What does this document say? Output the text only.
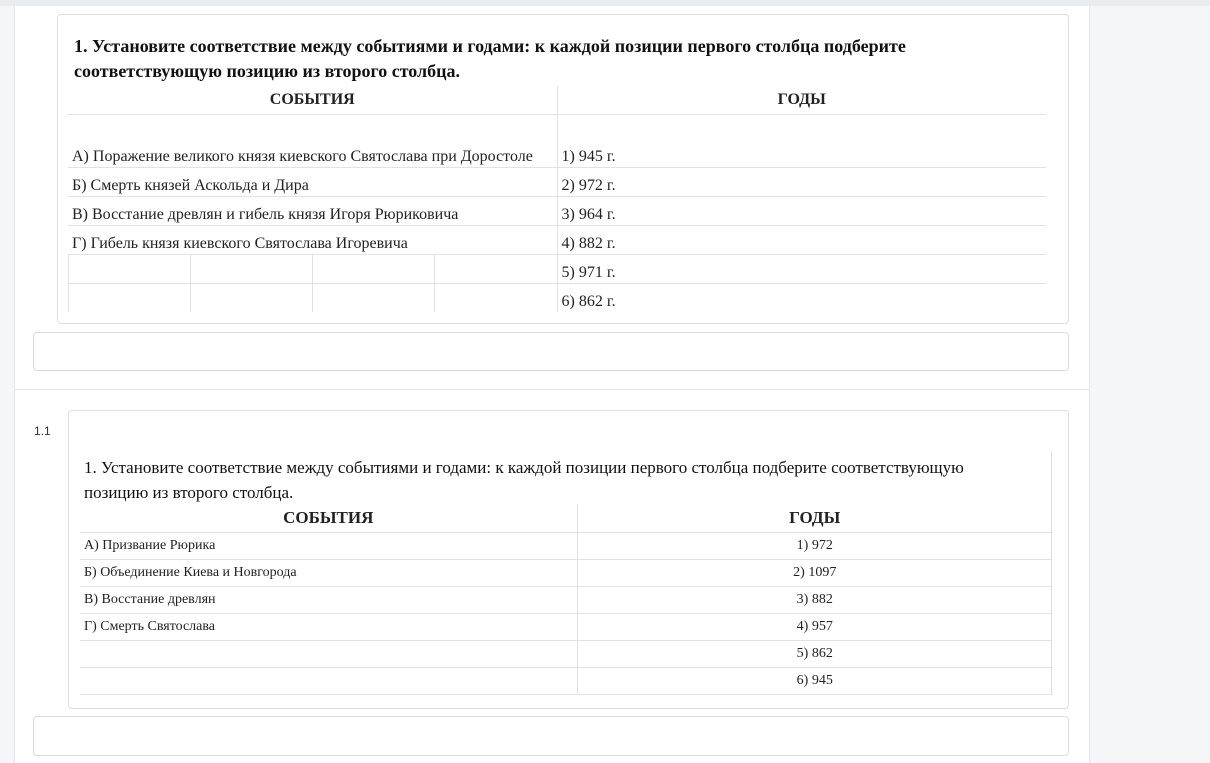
1. Установите соответствие между событиями и годами: к каждой позиции первого столбца подберите соответствующую позицию из второго столбца.
СОБЫТИЯ	ГОДЫ
А) Поражение великого князя киевского Святослава при Доростоле	1) 945 г.
Б) Смерть князей Аскольда и Дира	2) 972 г.
В) Восстание древлян и гибель князя Игоря Рюриковича	3) 964 г.
Г) Гибель князя киевского Святослава Игоревича	4) 882 г.

	5) 971 г.

	6) 862 г.
1.1
1. Установите соответствие между событиями и годами: к каждой позиции первого столбца подберите соответствующую позицию из второго столбца.
СОБЫТИЯ	ГОДЫ
А) Призвание Рюрика	1) 972
Б) Объединение Киева и Новгорода	2) 1097
В) Восстание древлян	3) 882
Г) Смерть Святослава	4) 957
	5) 862
	6) 945
